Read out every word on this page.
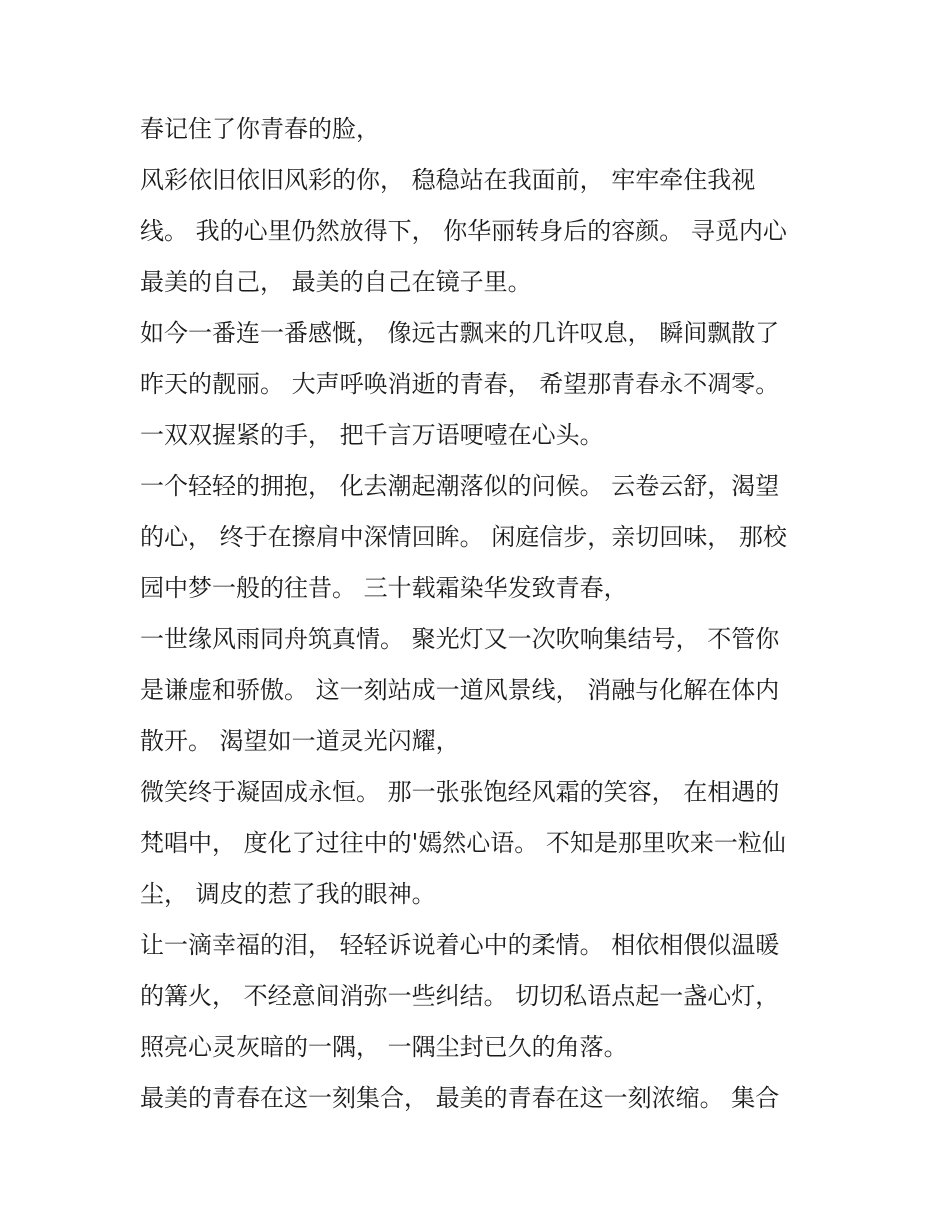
春记住了你青春的脸，

风彩依旧依旧风彩的你， 稳稳站在我面前， 牢牢牵住我视

线。 我的心里仍然放得下， 你华丽转身后的容颜。 寻觅内心

最美的自己， 最美的自己在镜子里。

如今一番连一番感慨， 像远古飘来的几许叹息， 瞬间飘散了

昨天的靓丽。 大声呼唤消逝的青春， 希望那青春永不凋零。

一双双握紧的手， 把千言万语哽噎在心头。

一个轻轻的拥抱， 化去潮起潮落似的问候。 云卷云舒，渴望

的心， 终于在擦肩中深情回眸。 闲庭信步，亲切回味， 那校

园中梦一般的往昔。 三十载霜染华发致青春，

一世缘风雨同舟筑真情。 聚光灯又一次吹响集结号， 不管你

是谦虚和骄傲。 这一刻站成一道风景线， 消融与化解在体内

散开。 渴望如一道灵光闪耀，

微笑终于凝固成永恒。 那一张张饱经风霜的笑容， 在相遇的

梵唱中， 度化了过往中的'嫣然心语。 不知是那里吹来一粒仙

尘， 调皮的惹了我的眼神。

让一滴幸福的泪， 轻轻诉说着心中的柔情。 相依相偎似温暖

的篝火， 不经意间消弥一些纠结。 切切私语点起一盏心灯，

照亮心灵灰暗的一隅， 一隅尘封已久的角落。

最美的青春在这一刻集合， 最美的青春在这一刻浓缩。 集合
